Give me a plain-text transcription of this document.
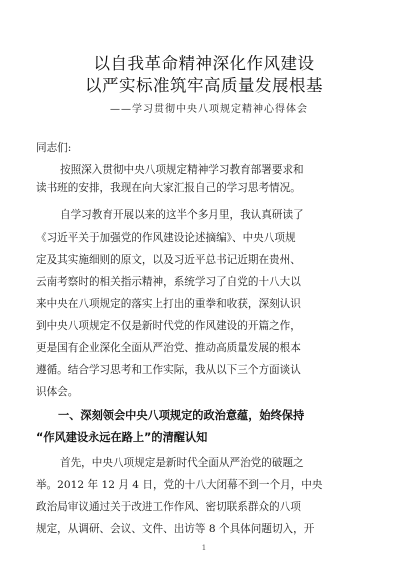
以自我革命精神深化作风建设
以严实标准筑牢高质量发展根基
——学习贯彻中央八项规定精神心得体会
同志们:
按照深入贯彻中央八项规定精神学习教育部署要求和
读书班的安排，我现在向大家汇报自己的学习思考情况。
自学习教育开展以来的这半个多月里，我认真研读了
《习近平关于加强党的作风建设论述摘编》、中央八项规
定及其实施细则的原文，以及习近平总书记近期在贵州、
云南考察时的相关指示精神，系统学习了自党的十八大以
来中央在八项规定的落实上打出的重拳和收获，深刻认识
到中央八项规定不仅是新时代党的作风建设的开篇之作，
更是国有企业深化全面从严治党、推动高质量发展的根本
遵循。结合学习思考和工作实际，我从以下三个方面谈认
识体会。
一、深刻领会中央八项规定的政治意蕴，始终保持
“作风建设永远在路上”的清醒认知
首先，中央八项规定是新时代全面从严治党的破题之
举。2012 年 12 月 4 日，党的十八大闭幕不到一个月，中央
政治局审议通过关于改进工作作风、密切联系群众的八项
规定，从调研、会议、文件、出访等 8 个具体问题切入，开
1
